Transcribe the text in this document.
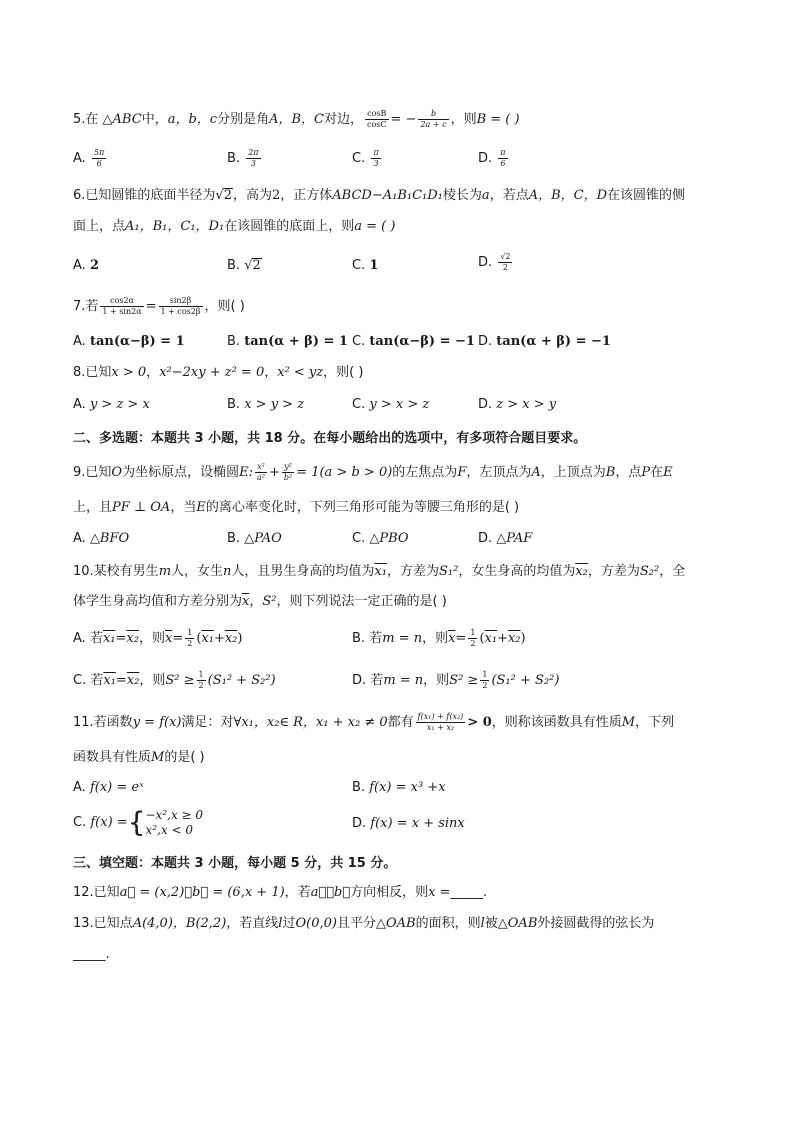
5.在 △ABC中，a，b，c分别是角A，B，C对边， $\frac{\cos B}{\cos C}$ = − $\frac{b}{2a + c}$ ，则B = ( )
A. $\frac{5\pi}{6}$	B. $\frac{2\pi}{3}$	C. $\frac{\pi}{3}$	D. $\frac{\pi}{6}$
6.已知圆锥的底面半径为√2，高为2，正方体ABCD−A₁B₁C₁D₁棱长为a，若点A，B，C，D在该圆锥的侧
面上，点A₁，B₁，C₁，D₁在该圆锥的底面上，则a = ( )
A. 2	B. √2	C. 1	D. $\frac{√2}{2}$
7.若 $\frac{\cos 2\alpha}{1 + \sin 2\alpha} = \frac{\sin 2\beta}{1 + \cos 2\beta}$ ，则( )
A. tan(α−β) = 1	B. tan(α + β) = 1 C. tan(α−β) = −1 D. tan(α + β) = −1
8.已知x > 0，x²−2xy + z² = 0，x² < yz，则( )
A. y > z > x	B. x > y > z	C. y > x > z	D. z > x > y
二、多选题：本题共 3 小题，共 18 分。在每小题给出的选项中，有多项符合题目要求。
9.已知O为坐标原点，设椭圆E: $\frac{\text{x²}}{\text{a²}} + \frac{\text{y²}}{\text{b²}} = 1(a > b > 0)$的左焦点为F，左顶点为A，上顶点为B，点P在E
上，且PF ⊥ OA，当E的离心率变化时，下列三角形可能为等腰三角形的是( )
A. △BFO	B. △PAO	C. △PBO	D. △PAF
10.某校有男生m人，女生n人，且男生身高的均值为x₁，方差为S₁²，女生身高的均值为x₂，方差为S₂²，全
体学生身高均值和方差分别为$\overline{x}$，S²，则下列说法一定正确的是( )
A. 若x₁=x₂，则$\overline{x}= \frac{1}{2} (x_1+x_2)$	B. 若m = n，则$\overline{x}= \frac{1}{2} (x_1+x_2)$
C. 若x₁=x₂，则$S^2 \ge \frac{1}{2} (S_1^2 + S_2^2)$	D. 若m = n，则$S^2 \ge \frac{1}{2} (S_1^2 + S_2^2)$
11.若函数y = f(x)满足：对∀x₁，x₂∈ R，x₁ + x₂ ≠ 0都有 $\frac{\text{f(x₁) + f(x₂)}}{\text{x₁ + x₂}} > 0$，则称该函数具有性质M，下列
函数具有性质M的是( )
A. f(x) = eˣ	B. f(x) = x³ +x
C. f(x) ={ −x²,x ≥ 0
x²,x < 0	D. f(x) = x + sinx
三、填空题：本题共 3 小题，每小题 5 分，共 15 分。
12.已知a⃗ = (x,2)，b⃗ = (6,x + 1)，若a⃗，b⃗方向相反，则x =_____.
13.已知点A(4,0)，B(2,2)，若直线l过O(0,0)且平分△OAB的面积，则l被△OAB外接圆截得的弦长为
_____.
